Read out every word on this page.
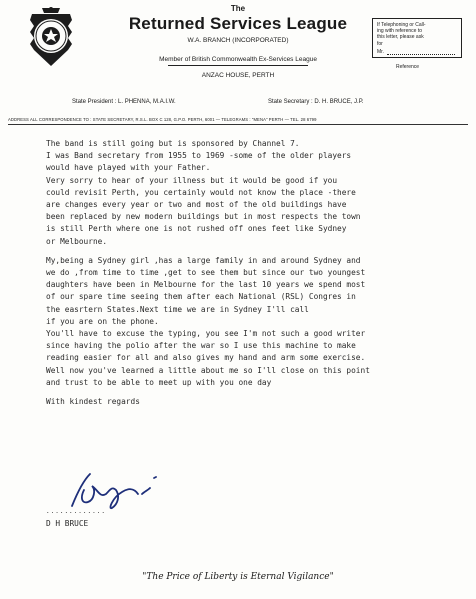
The
Returned Services League
W.A. BRANCH (INCORPORATED)
Member of British Commonwealth Ex-Services League
ANZAC HOUSE, PERTH
If Telephoning or Call-
ing with reference to
this letter, please ask
for
Mr.
Reference
State President : L. PHENNA, M.A.I.W.	State Secretary : D. H. BRUCE, J.P.
ADDRESS ALL CORRESPONDENCE TO : STATE SECRETARY, R.S.L. BOX C 128, G.P.O. PERTH, 6001 — TELEGRAMS : "MENA" PERTH — TEL. 28 6799

The band is still going but is sponsored by Channel 7.

I was Band secretary from 1955 to 1969 -some of the older players

would have played with your Father.

Very sorry to hear of your illness but it would be good if you

could revisit Perth, you certainly would not know the place -there

are changes every year or two and most of the old buildings have

been replaced by new modern buildings but in most respects the town

is still Perth where one is not rushed off ones feet like Sydney

or Melbourne.

My,being a Sydney girl ,has a large family in and around Sydney and

we do ,from time to time ,get to see them but since our two youngest

daughters have been in Melbourne for the last 10 years we spend most

of our spare time seeing them after each National (RSL) Congres in

the easrtern States.Next time we are in Sydney I'll call

if you are on the phone.

You'll have to excuse the typing, you see I'm not such a good writer

since having the polio after the war so I use this machine to make

reading easier for all and also gives my hand and arm some exercise.

Well now you've learned a little about me so I'll close on this point

and trust to be able to meet up with you one day

With kindest regards
.............
D H BRUCE
"The Price of Liberty is Eternal Vigilance"
